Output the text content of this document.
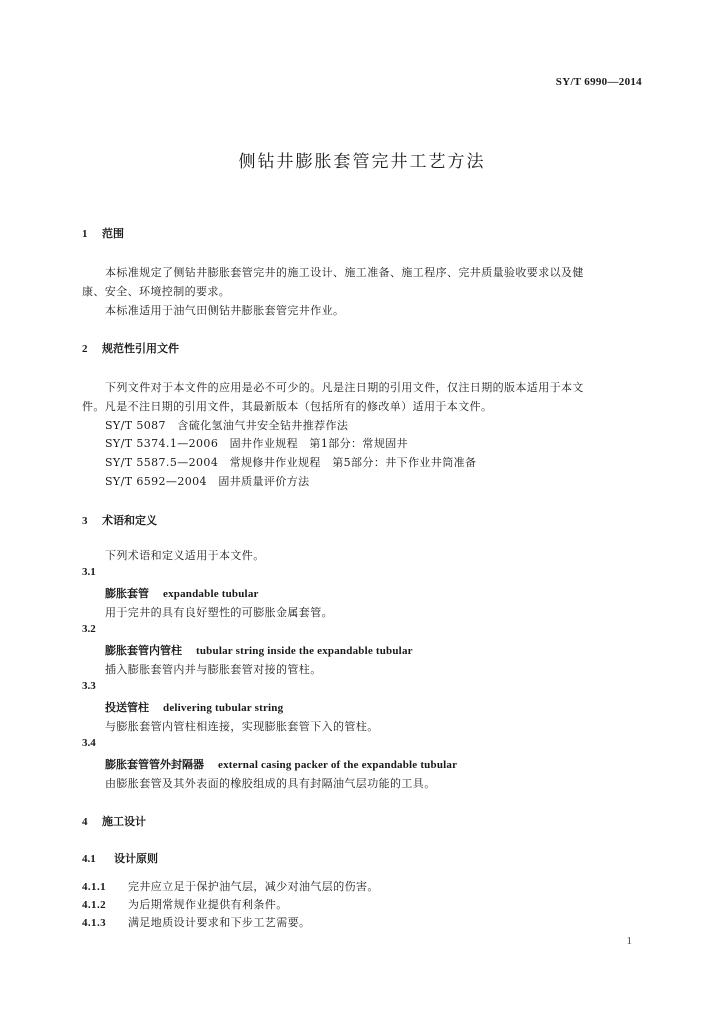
SY/T 6990—2014
侧钻井膨胀套管完井工艺方法
1 范围
本标准规定了侧钻井膨胀套管完井的施工设计、施工准备、施工程序、完井质量验收要求以及健
康、安全、环境控制的要求。
本标准适用于油气田侧钻井膨胀套管完井作业。
2 规范性引用文件
下列文件对于本文件的应用是必不可少的。凡是注日期的引用文件，仅注日期的版本适用于本文
件。凡是不注日期的引用文件，其最新版本（包括所有的修改单）适用于本文件。
SY/T 5087　含硫化氢油气井安全钻井推荐作法
SY/T 5374.1—2006　固井作业规程　第1部分：常规固井
SY/T 5587.5—2004　常规修井作业规程　第5部分：井下作业井筒准备
SY/T 6592—2004　固井质量评价方法
3 术语和定义
下列术语和定义适用于本文件。
3.1
膨胀套管 expandable tubular
用于完井的具有良好塑性的可膨胀金属套管。
3.2
膨胀套管内管柱 tubular string inside the expandable tubular
插入膨胀套管内并与膨胀套管对接的管柱。
3.3
投送管柱 delivering tubular string
与膨胀套管内管柱相连接，实现膨胀套管下入的管柱。
3.4
膨胀套管管外封隔器 external casing packer of the expandable tubular
由膨胀套管及其外表面的橡胶组成的具有封隔油气层功能的工具。
4 施工设计
4.1 设计原则
4.1.1 完井应立足于保护油气层，减少对油气层的伤害。
4.1.2 为后期常规作业提供有利条件。
4.1.3 满足地质设计要求和下步工艺需要。
1
